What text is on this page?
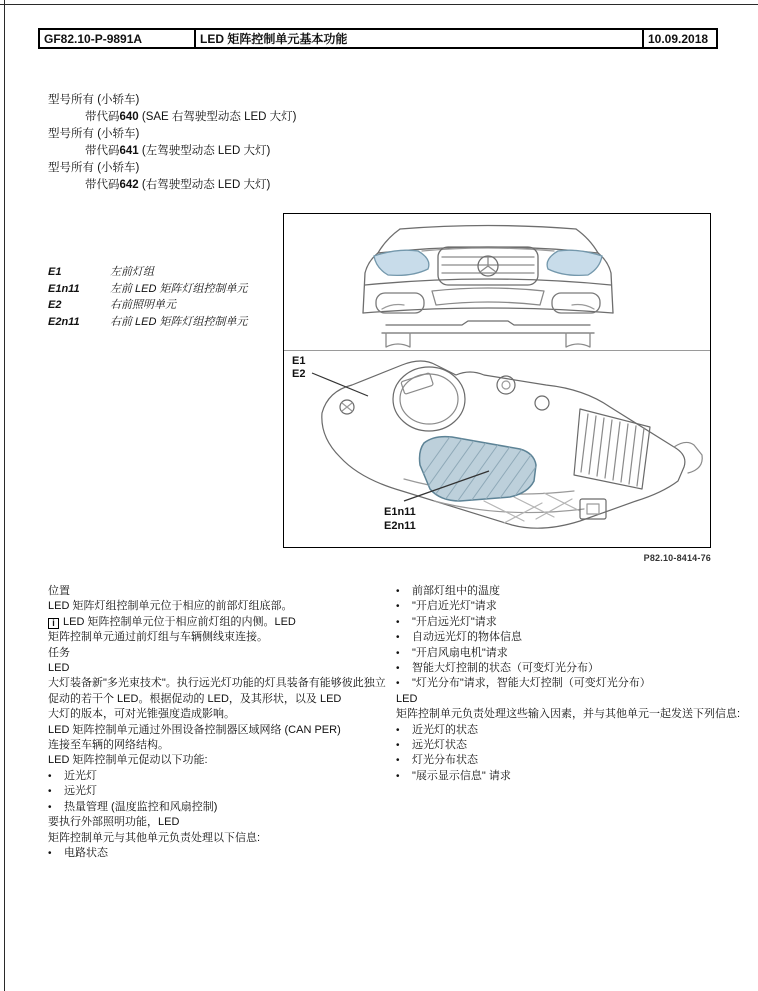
GF82.10-P-9891A	LED 矩阵控制单元基本功能	10.09.2018
型号所有 (小轿车)
带代码640 (SAE 右驾驶型动态 LED 大灯)
型号所有 (小轿车)
带代码641 (左驾驶型动态 LED 大灯)
型号所有 (小轿车)
带代码642 (右驾驶型动态 LED 大灯)
E1	左前灯组
E1n11	左前 LED 矩阵灯组控制单元
E2	右前照明单元
E2n11	右前 LED 矩阵灯组控制单元
E1
E2
E1n11
E2n11
P82.10-8414-76
位置
LED 矩阵灯组控制单元位于相应的前部灯组底部。
i LED 矩阵控制单元位于相应前灯组的内侧。LED
矩阵控制单元通过前灯组与车辆侧线束连接。
任务
LED
大灯装备新"多光束技术"。执行远光灯功能的灯具装备有能够彼此独立
促动的若干个 LED。根据促动的 LED，及其形状，以及 LED
大灯的版本，可对光锥强度造成影响。
LED 矩阵控制单元通过外围设备控制器区域网络 (CAN PER)
连接至车辆的网络结构。
LED 矩阵控制单元促动以下功能:
•	近光灯
•	远光灯
•	热量管理 (温度监控和风扇控制)
要执行外部照明功能，LED
矩阵控制单元与其他单元负责处理以下信息:
•	电路状态
•	前部灯组中的温度
•	"开启近光灯"请求
•	"开启远光灯"请求
•	自动远光灯的物体信息
•	"开启风扇电机"请求
•	智能大灯控制的状态（可变灯光分布）
•	"灯光分布"请求，智能大灯控制（可变灯光分布）
LED
矩阵控制单元负责处理这些输入因素，并与其他单元一起发送下列信息:
•	近光灯的状态
•	远光灯状态
•	灯光分布状态
•	"展示显示信息" 请求
